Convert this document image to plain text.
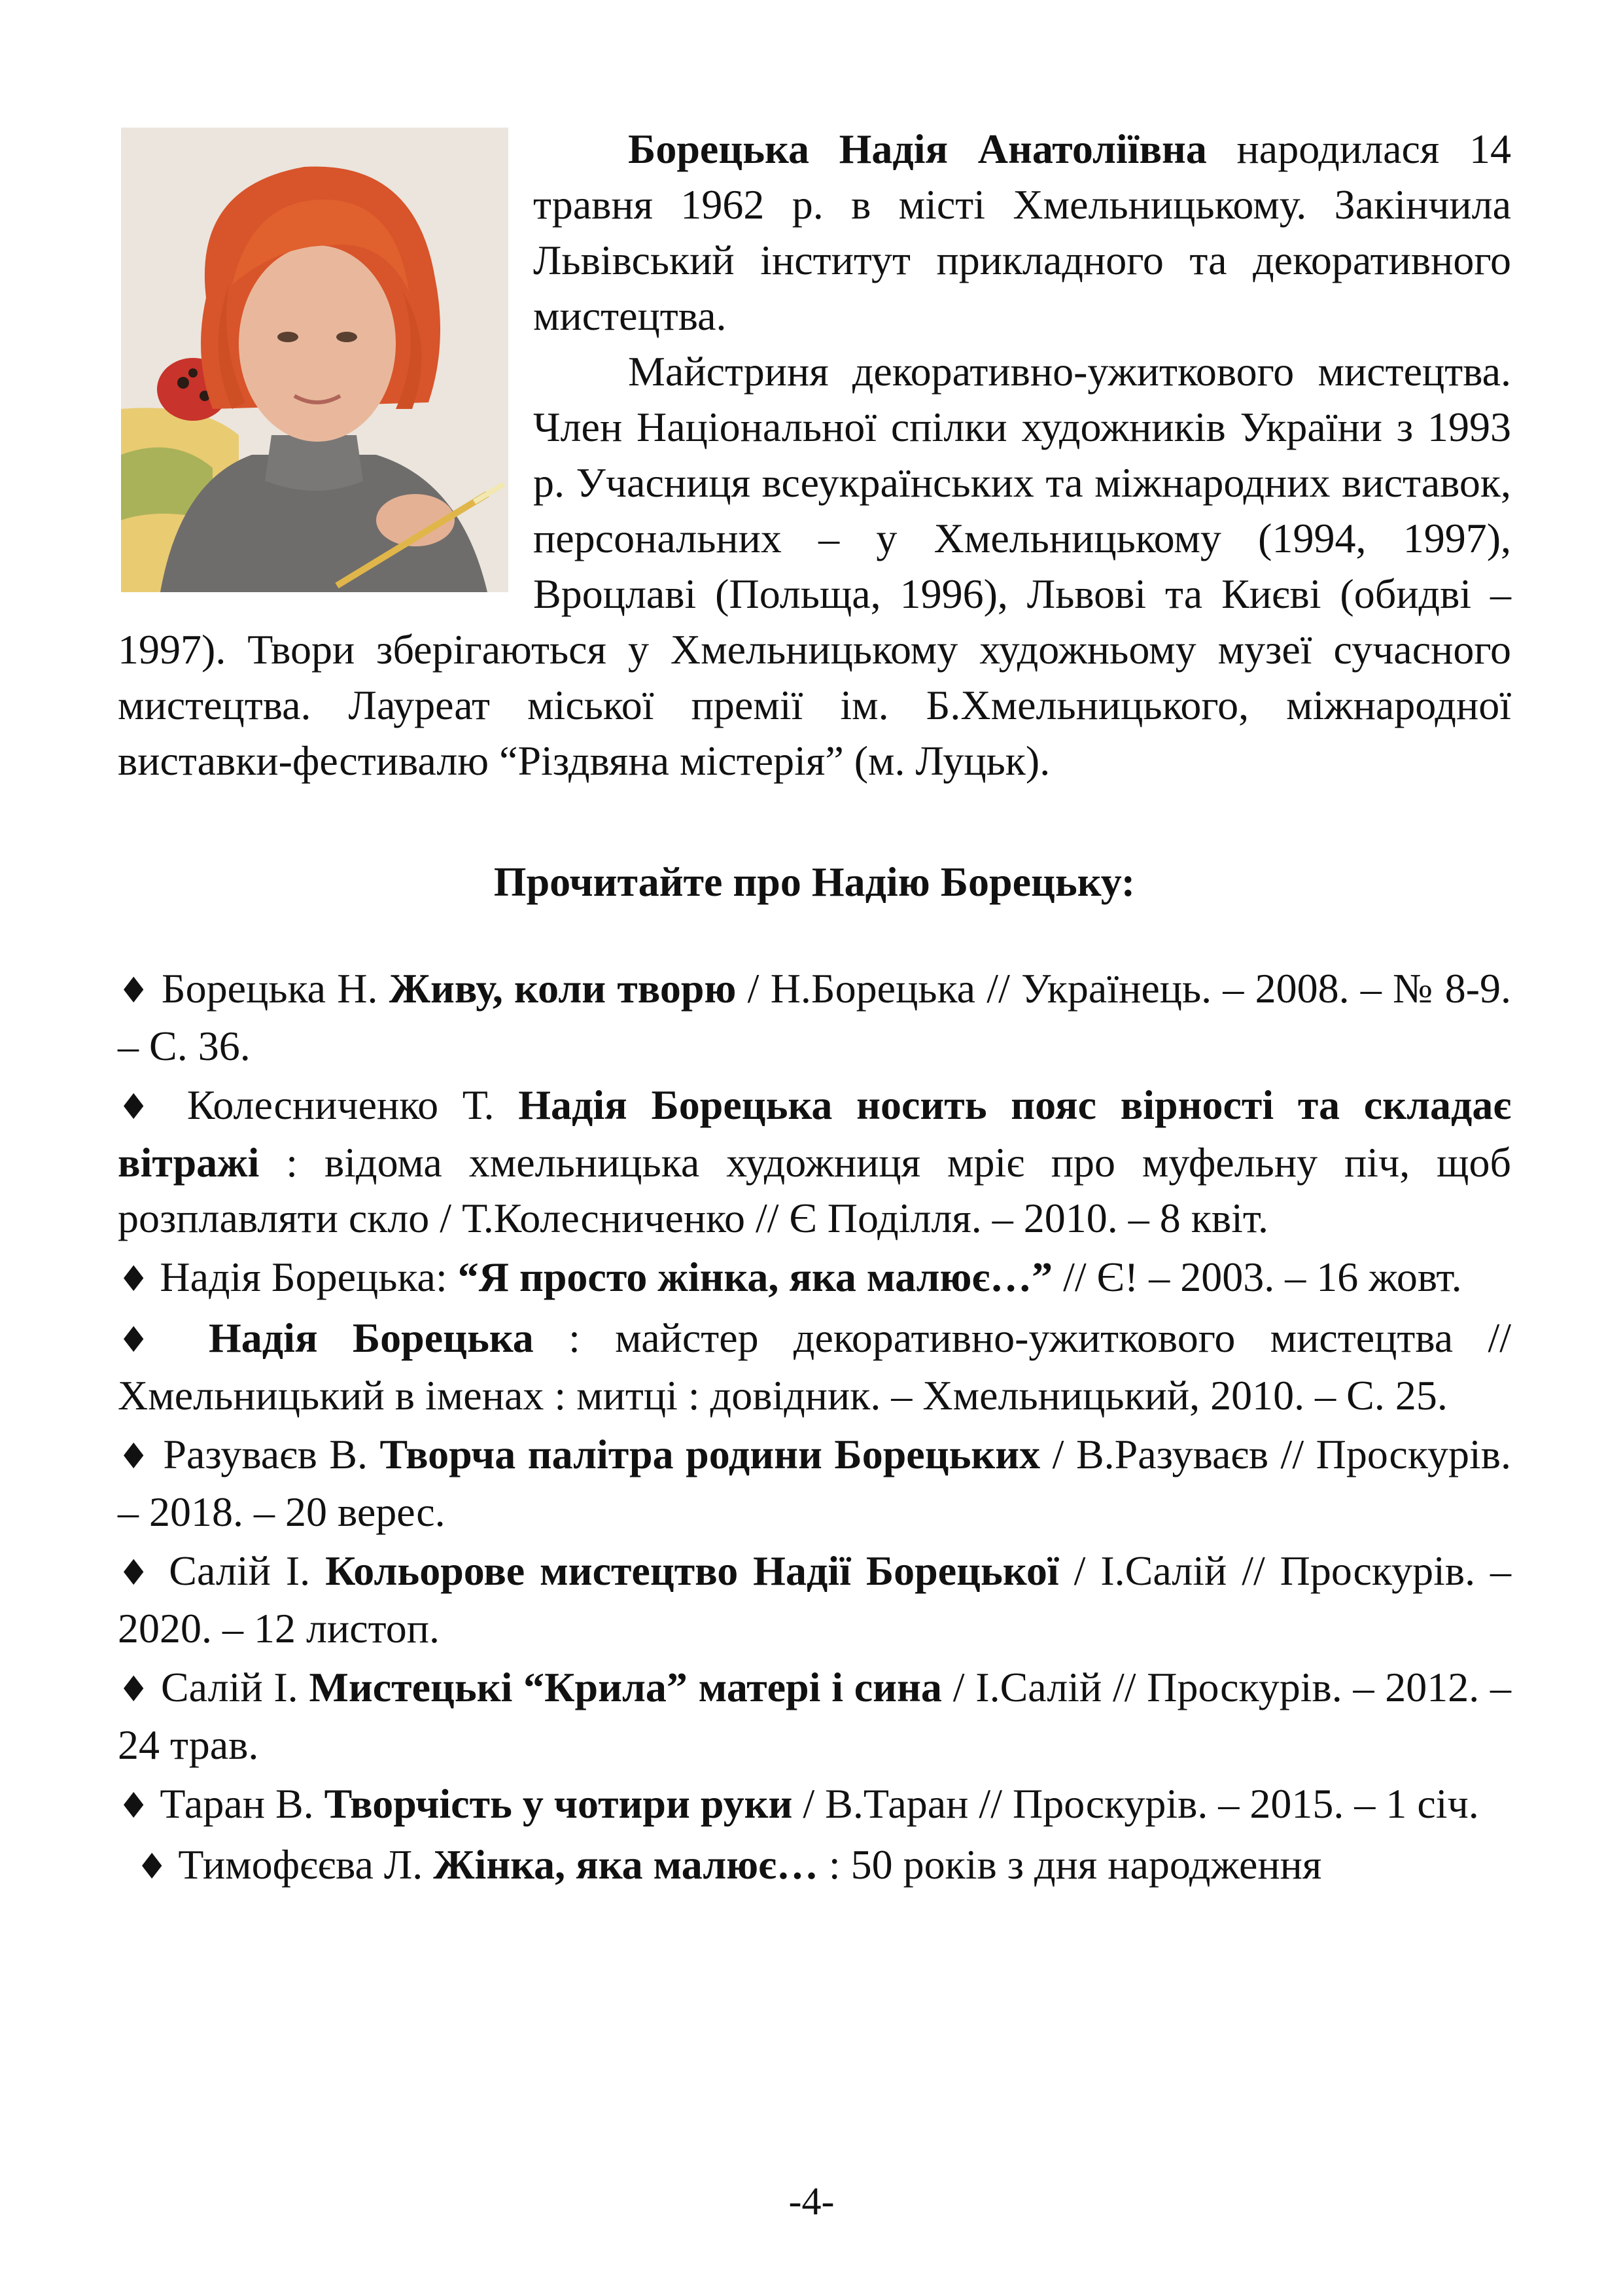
Борецька Надія Анатоліївна народилася 14 травня 1962 р. в місті Хмельницькому. Закінчила Львівський інститут прикладного та декоративного мистецтва.

Майстриня декоративно-ужиткового мистецтва. Член Національної спілки художників України з 1993 р. Учасниця всеукраїнських та міжнародних виставок, персональних – у Хмельницькому (1994, 1997), Вроцлаві (Польща, 1996), Львові та Києві (обидві – 1997). Твори зберігаються у Хмельницькому художньому музеї сучасного мистецтва. Лауреат міської премії ім. Б.Хмельницького, міжнародної виставки-фестивалю “Різдвяна містерія” (м. Луцьк).

Прочитайте про Надію Борецьку:

♦ Борецька Н. Живу, коли творю / Н.Борецька // Українець. – 2008. – № 8-9. – С. 36.

♦ Колесниченко Т. Надія Борецька носить пояс вірності та складає вітражі : відома хмельницька художниця мріє про муфельну піч, щоб розплавляти скло / Т.Колесниченко // Є Поділля. – 2010. – 8 квіт.

♦ Надія Борецька: “Я просто жінка, яка малює…” // Є! – 2003. – 16 жовт.

♦ Надія Борецька : майстер декоративно-ужиткового мистецтва // Хмельницький в іменах : митці : довідник. – Хмельницький, 2010. – С. 25.

♦ Разуваєв В. Творча палітра родини Борецьких / В.Разуваєв // Проскурів. – 2018. – 20 верес.

♦ Салій І. Кольорове мистецтво Надії Борецької / І.Салій // Проскурів. – 2020. – 12 листоп.

♦ Салій І. Мистецькі “Крила” матері і сина / І.Салій // Проскурів. – 2012. – 24 трав.

♦ Таран В. Творчість у чотири руки / В.Таран // Проскурів. – 2015. – 1 січ.

♦ Тимофєєва Л. Жінка, яка малює… : 50 років з дня народження

-4-
